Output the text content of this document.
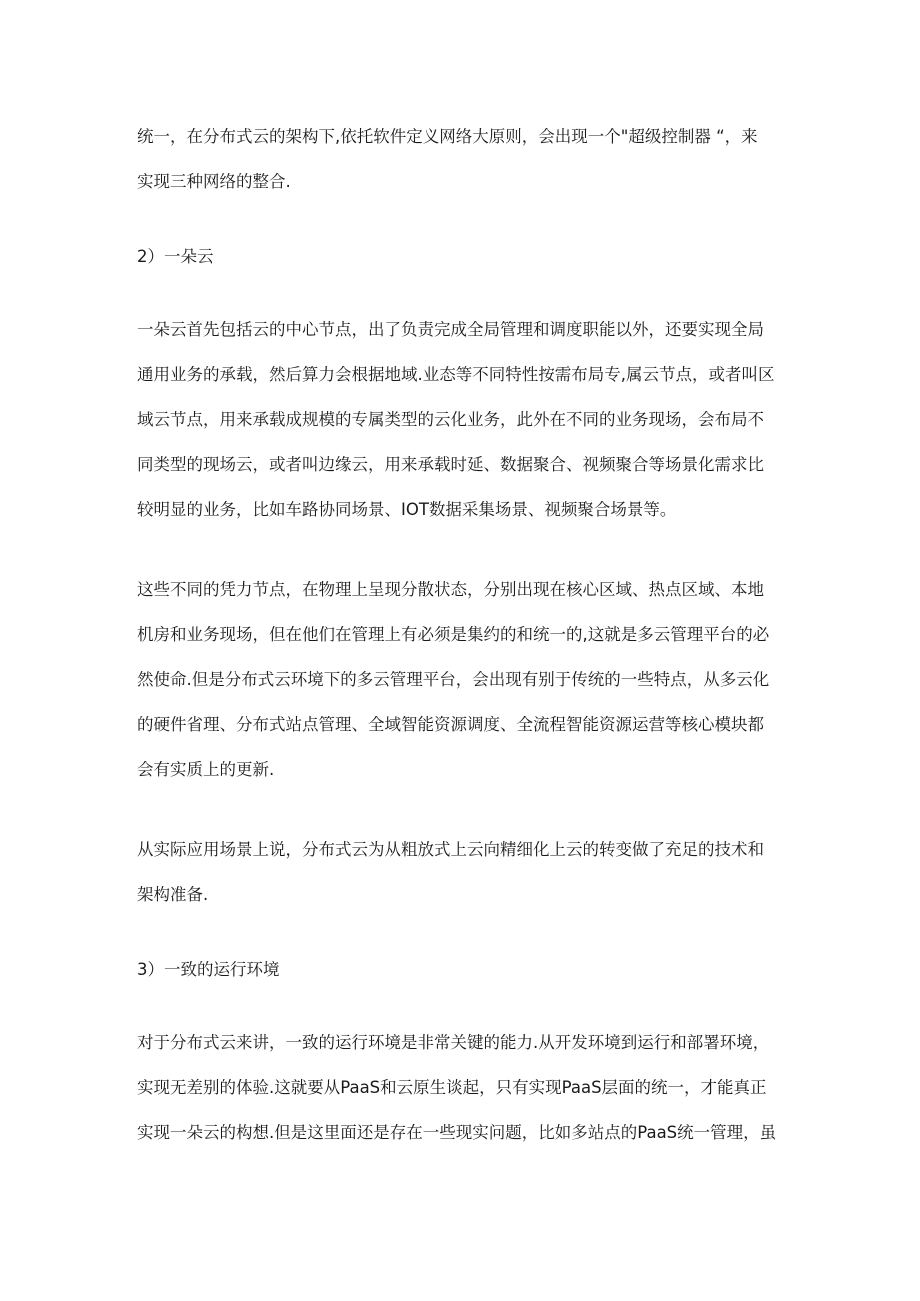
统一，在分布式云的架构下,依托软件定义网络大原则，会出现一个"超级控制器 “，来
实现三种网络的整合.
2）一朵云
一朵云首先包括云的中心节点，出了负责完成全局管理和调度职能以外，还要实现全局
通用业务的承载，然后算力会根据地域.业态等不同特性按需布局专,属云节点，或者叫区
域云节点，用来承载成规模的专属类型的云化业务，此外在不同的业务现场，会布局不
同类型的现场云，或者叫边缘云，用来承载时延、数据聚合、视频聚合等场景化需求比
较明显的业务，比如车路协同场景、IOT数据采集场景、视频聚合场景等。
这些不同的凭力节点，在物理上呈现分散状态，分别出现在核心区域、热点区域、本地
机房和业务现场，但在他们在管理上有必须是集约的和统一的,这就是多云管理平台的必
然使命.但是分布式云环境下的多云管理平台，会出现有别于传统的一些特点，从多云化
的硬件省理、分布式站点管理、全域智能资源调度、全流程智能资源运营等核心模块都
会有实质上的更新.
从实际应用场景上说，分布式云为从粗放式上云向精细化上云的转变做了充足的技术和
架构准备.
3）一致的运行环境
对于分布式云来讲，一致的运行环境是非常关键的能力.从开发环境到运行和部署环境，
实现无差别的体验.这就要从PaaS和云原生谈起，只有实现PaaS层面的统一，才能真正
实现一朵云的构想.但是这里面还是存在一些现实问题，比如多站点的PaaS统一管理，虽
